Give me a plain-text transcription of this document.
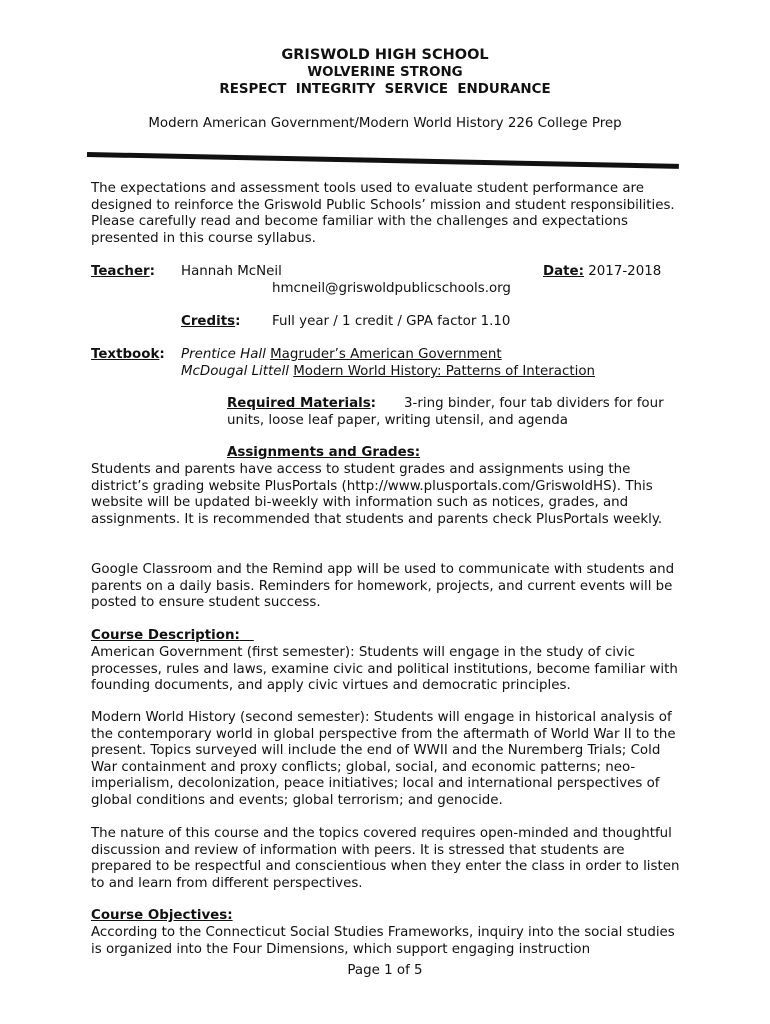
GRISWOLD HIGH SCHOOL
WOLVERINE STRONG
RESPECT  INTEGRITY  SERVICE  ENDURANCE
Modern American Government/Modern World History 226 College Prep
The expectations and assessment tools used to evaluate student performance are designed to reinforce the Griswold Public Schools’ mission and student responsibilities. Please carefully read and become familiar with the challenges and expectations presented in this course syllabus.
Teacher: Hannah McNeil
hmcneil@griswoldpublicschools.org
Date: 2017-2018
Credits: Full year / 1 credit / GPA factor 1.10
Textbook: Prentice Hall Magruder’s American Government
McDougal Littell Modern World History: Patterns of Interaction
Required Materials: 3-ring binder, four tab dividers for four
units, loose leaf paper, writing utensil, and agenda
Assignments and Grades:
Students and parents have access to student grades and assignments using the district’s grading website PlusPortals (http://www.plusportals.com/GriswoldHS). This website will be updated bi-weekly with information such as notices, grades, and assignments. It is recommended that students and parents check PlusPortals weekly.
Google Classroom and the Remind app will be used to communicate with students and parents on a daily basis. Reminders for homework, projects, and current events will be posted to ensure student success.
Course Description:
American Government (first semester): Students will engage in the study of civic processes, rules and laws, examine civic and political institutions, become familiar with founding documents, and apply civic virtues and democratic principles.
Modern World History (second semester): Students will engage in historical analysis of the contemporary world in global perspective from the aftermath of World War II to the present. Topics surveyed will include the end of WWII and the Nuremberg Trials; Cold War containment and proxy conflicts; global, social, and economic patterns; neo-imperialism, decolonization, peace initiatives; local and international perspectives of global conditions and events; global terrorism; and genocide.
The nature of this course and the topics covered requires open-minded and thoughtful discussion and review of information with peers. It is stressed that students are prepared to be respectful and conscientious when they enter the class in order to listen to and learn from different perspectives.
Course Objectives:
According to the Connecticut Social Studies Frameworks, inquiry into the social studies is organized into the Four Dimensions, which support engaging instruction
Page 1 of 5
